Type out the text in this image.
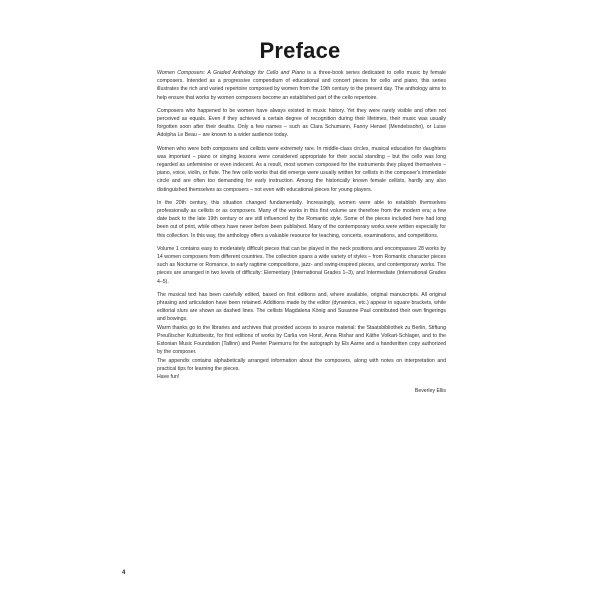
Preface

Women Composers: A Graded Anthology for Cello and Piano is a three-book series dedicated to cello music by female composers. Intended as a progressive compendium of educational and concert pieces for cello and piano, this series illustrates the rich and varied repertoire composed by women from the 19th century to the present day. The anthology aims to help ensure that works by women composers become an established part of the cello repertoire.

Composers who happened to be women have always existed in music history. Yet they were rarely visible and often not perceived as equals. Even if they achieved a certain degree of recognition during their lifetimes, their music was usually forgotten soon after their deaths. Only a few names – such as Clara Schumann, Fanny Hensel (Mendelssohn), or Luise Adolpha Le Beau – are known to a wider audience today.

Women who were both composers and cellists were extremely rare. In middle-class circles, musical education for daughters was important – piano or singing lessons were considered appropriate for their social standing – but the cello was long regarded as unfeminine or even indecent. As a result, most women composed for the instruments they played themselves – piano, voice, violin, or flute. The few cello works that did emerge were usually written for cellists in the composer's immediate circle and are often too demanding for early instruction. Among the historically known female cellists, hardly any also distinguished themselves as composers – not even with educational pieces for young players.

In the 20th century, this situation changed fundamentally. Increasingly, women were able to establish themselves professionally as cellists or as composers. Many of the works in this first volume are therefore from the modern era; a few date back to the late 19th century or are still influenced by the Romantic style. Some of the pieces included here had long been out of print, while others have never before been published. Many of the contemporary works were written especially for this collection. In this way, the anthology offers a valuable resource for teaching, concerts, examinations, and competitions.

Volume 1 contains easy to moderately difficult pieces that can be played in the neck positions and encompasses 28 works by 14 women composers from different countries. The collection spans a wide variety of styles – from Romantic character pieces such as Nocturne or Romance, to early ragtime compositions, jazz- and swing-inspired pieces, and contemporary works. The pieces are arranged in two levels of difficulty: Elementary (International Grades 1–3), and Intermediate (International Grades 4–5).

The musical text has been carefully edited, based on first editions and, where available, original manuscripts. All original phrasing and articulation have been retained. Additions made by the editor (dynamics, etc.) appear in square brackets, while editorial slurs are shown as dashed lines. The cellists Magdalena König and Susanne Paul contributed their own fingerings and bowings.

Warm thanks go to the libraries and archives that provided access to source material: the Staatsbibliothek zu Berlin, Stiftung Preußischer Kulturbesitz, for first editions of works by Carlia von Horst, Anna Rishar and Käthe Volkart-Schlager, and to the Estonian Music Foundation (Tallinn) and Peeter Paemurru for the autograph by Els Aarne and a handwritten copy authorized by the composer.

The appendix contains alphabetically arranged information about the composers, along with notes on interpretation and practical tips for learning the pieces.

Have fun!

Beverley Ellis
4
